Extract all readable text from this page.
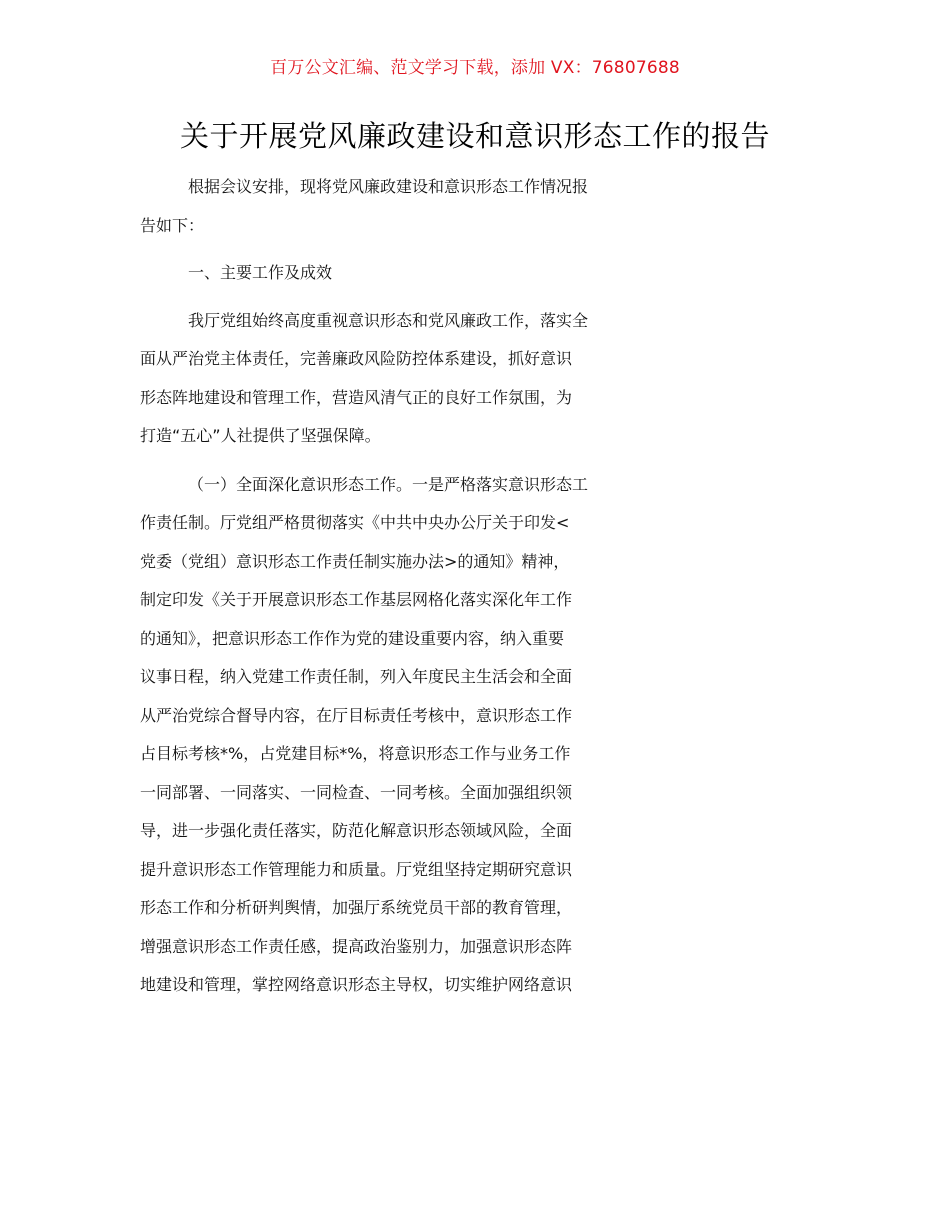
百万公文汇编、范文学习下载，添加 VX：76807688
关于开展党风廉政建设和意识形态工作的报告
根据会议安排，现将党风廉政建设和意识形态工作情况报
告如下：
一、主要工作及成效
我厅党组始终高度重视意识形态和党风廉政工作，落实全
面从严治党主体责任，完善廉政风险防控体系建设，抓好意识
形态阵地建设和管理工作，营造风清气正的良好工作氛围，为
打造“五心”人社提供了坚强保障。
（一）全面深化意识形态工作。一是严格落实意识形态工
作责任制。厅党组严格贯彻落实《中共中央办公厅关于印发<
党委（党组）意识形态工作责任制实施办法>的通知》精神，
制定印发《关于开展意识形态工作基层网格化落实深化年工作
的通知》，把意识形态工作作为党的建设重要内容，纳入重要
议事日程，纳入党建工作责任制，列入年度民主生活会和全面
从严治党综合督导内容，在厅目标责任考核中，意识形态工作
占目标考核*%，占党建目标*%，将意识形态工作与业务工作
一同部署、一同落实、一同检查、一同考核。全面加强组织领
导，进一步强化责任落实，防范化解意识形态领域风险，全面
提升意识形态工作管理能力和质量。厅党组坚持定期研究意识
形态工作和分析研判舆情，加强厅系统党员干部的教育管理，
增强意识形态工作责任感，提高政治鉴别力，加强意识形态阵
地建设和管理，掌控网络意识形态主导权，切实维护网络意识
